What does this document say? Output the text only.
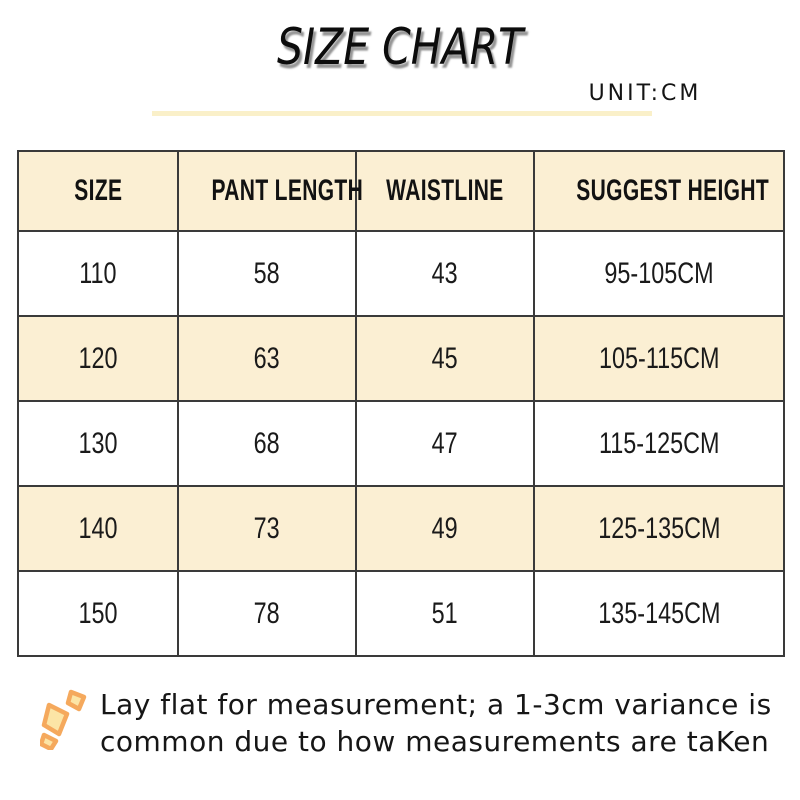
SIZE CHART
UNIT:CM
SIZE	PANT LENGTH	WAISTLINE	SUGGEST HEIGHT
110	58	43	95-105CM
120	63	45	105-115CM
130	68	47	115-125CM
140	73	49	125-135CM
150	78	51	135-145CM
Lay flat for measurement; a 1-3cm variance is
common due to how measurements are taKen
